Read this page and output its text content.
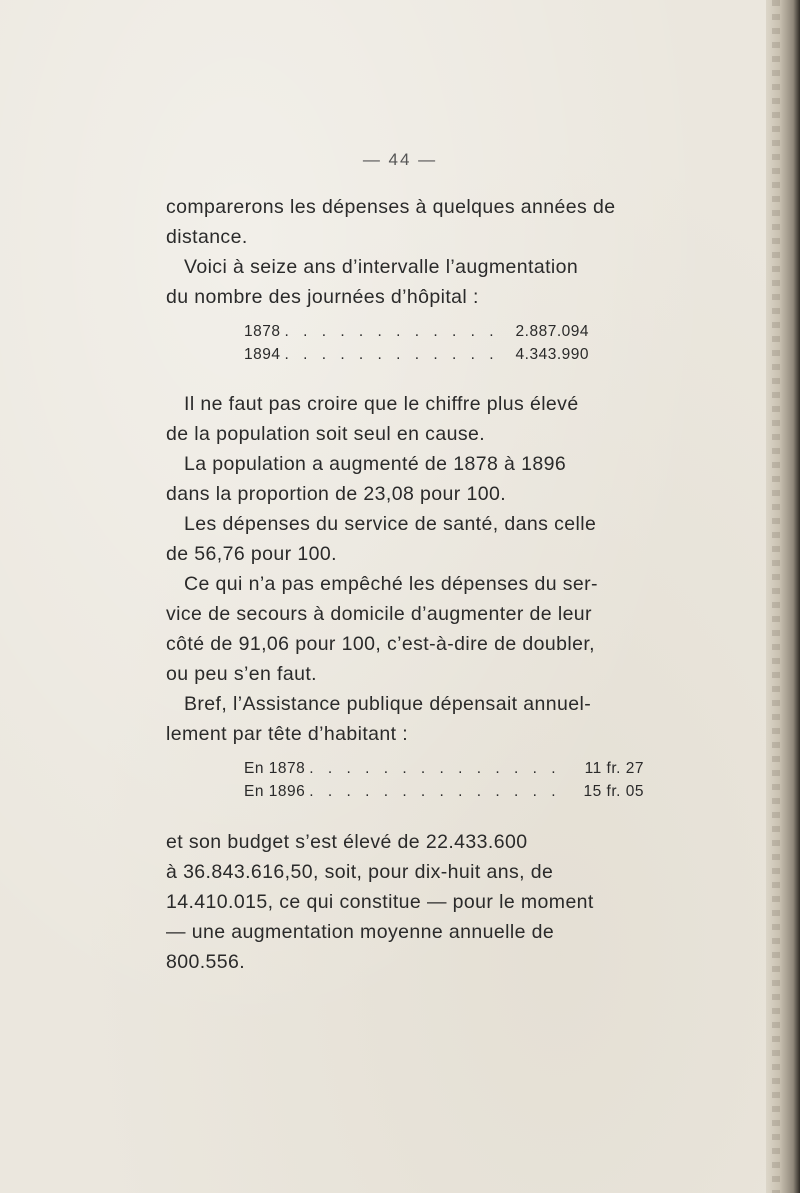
— 44 —

comparerons les dépenses à quelques années de

distance.

Voici à seize ans d’intervalle l’augmentation

du nombre des journées d’hôpital :

1878 . . . . . . . . . . . .	2.887.094
1894 . . . . . . . . . . . .	4.343.990

Il ne faut pas croire que le chiffre plus élevé

de la population soit seul en cause.

La population a augmenté de 1878 à 1896

dans la proportion de 23,08 pour 100.

Les dépenses du service de santé, dans celle

de 56,76 pour 100.

Ce qui n’a pas empêché les dépenses du ser-

vice de secours à domicile d’augmenter de leur

côté de 91,06 pour 100, c’est-à-dire de doubler,

ou peu s’en faut.

Bref, l’Assistance publique dépensait annuel-

lement par tête d’habitant :

En 1878 . . . . . . . . . . . . . .	11 fr. 27
En 1896 . . . . . . . . . . . . . .	15 fr. 05

et son budget s’est élevé de 22.433.600

à 36.843.616,50, soit, pour dix-huit ans, de

14.410.015, ce qui constitue — pour le moment

— une augmentation moyenne annuelle de

800.556.
